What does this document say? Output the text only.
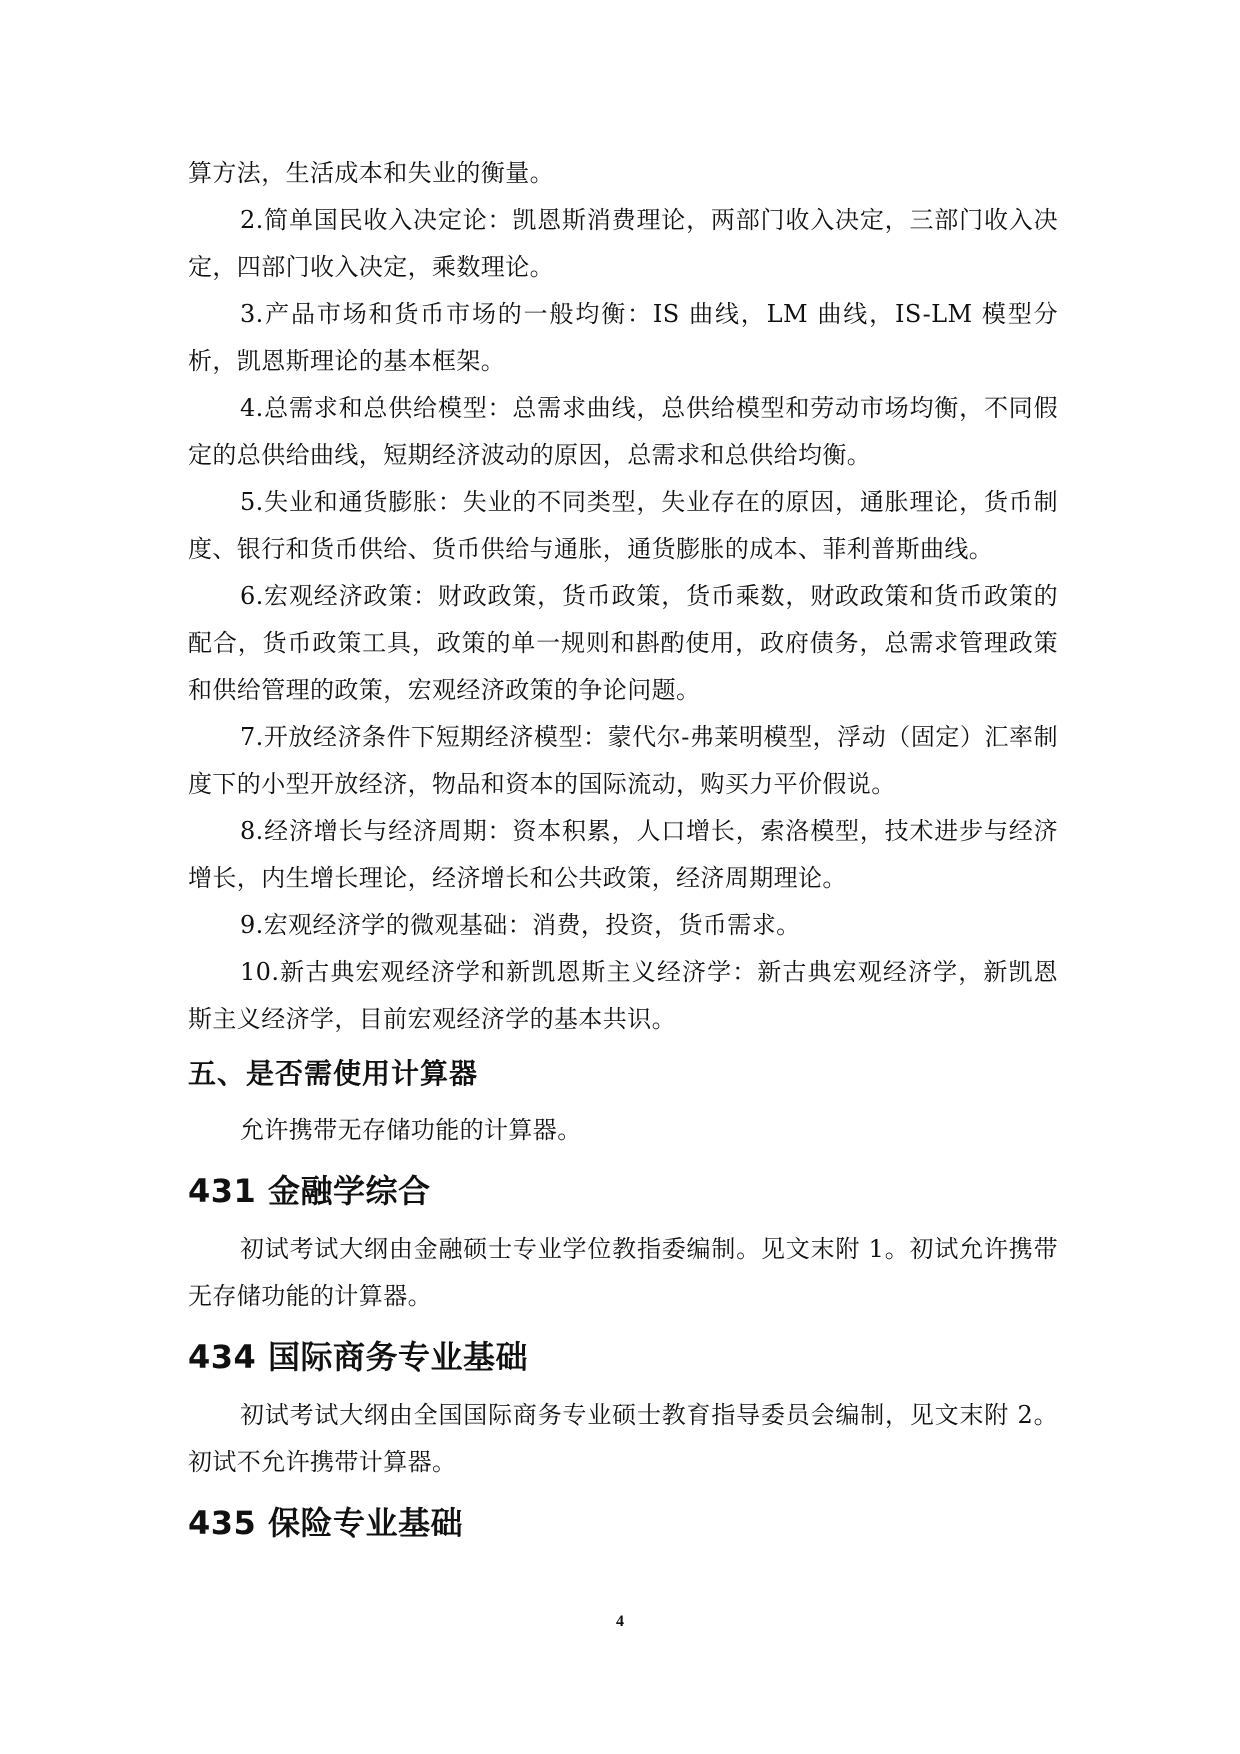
算方法，生活成本和失业的衡量。

2.简单国民收入决定论：凯恩斯消费理论，两部门收入决定，三部门收入决定，四部门收入决定，乘数理论。

3.产品市场和货币市场的一般均衡：IS 曲线，LM 曲线，IS-LM 模型分析，凯恩斯理论的基本框架。

4.总需求和总供给模型：总需求曲线，总供给模型和劳动市场均衡，不同假定的总供给曲线，短期经济波动的原因，总需求和总供给均衡。

5.失业和通货膨胀：失业的不同类型，失业存在的原因，通胀理论，货币制度、银行和货币供给、货币供给与通胀，通货膨胀的成本、菲利普斯曲线。

6.宏观经济政策：财政政策，货币政策，货币乘数，财政政策和货币政策的配合，货币政策工具，政策的单一规则和斟酌使用，政府债务，总需求管理政策和供给管理的政策，宏观经济政策的争论问题。

7.开放经济条件下短期经济模型：蒙代尔-弗莱明模型，浮动（固定）汇率制度下的小型开放经济，物品和资本的国际流动，购买力平价假说。

8.经济增长与经济周期：资本积累，人口增长，索洛模型，技术进步与经济增长，内生增长理论，经济增长和公共政策，经济周期理论。

9.宏观经济学的微观基础：消费，投资，货币需求。

10.新古典宏观经济学和新凯恩斯主义经济学：新古典宏观经济学，新凯恩斯主义经济学，目前宏观经济学的基本共识。

五、是否需使用计算器

允许携带无存储功能的计算器。

431 金融学综合

初试考试大纲由金融硕士专业学位教指委编制。见文末附 1。初试允许携带无存储功能的计算器。

434 国际商务专业基础

初试考试大纲由全国国际商务专业硕士教育指导委员会编制，见文末附 2。初试不允许携带计算器。

435 保险专业基础
4
